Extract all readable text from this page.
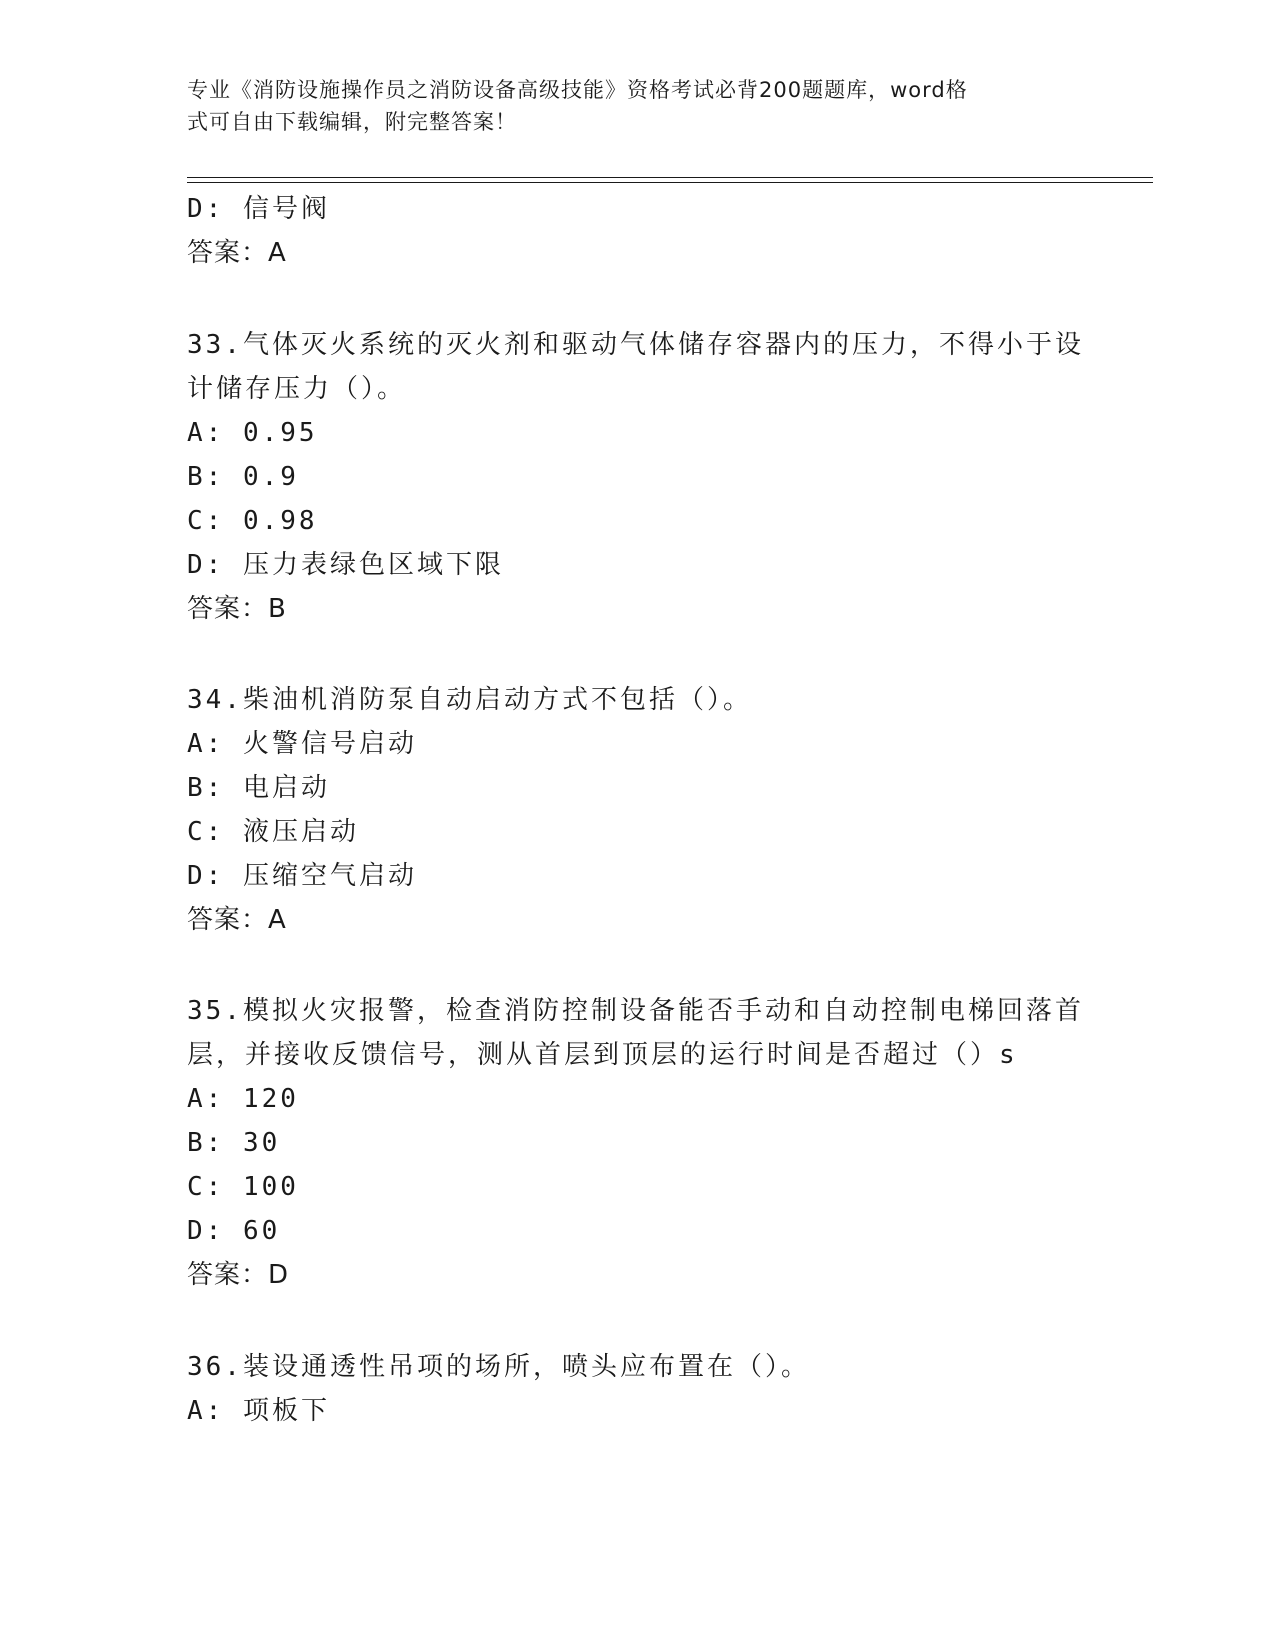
专业《消防设施操作员之消防设备高级技能》资格考试必背200题题库，word格
式可自由下载编辑，附完整答案！
D: 信号阀
答案：A
33.气体灭火系统的灭火剂和驱动气体储存容器内的压力，不得小于设
计储存压力（）。
A: 0.95
B: 0.9
C: 0.98
D: 压力表绿色区域下限
答案：B
34.柴油机消防泵自动启动方式不包括（）。
A: 火警信号启动
B: 电启动
C: 液压启动
D: 压缩空气启动
答案：A
35.模拟火灾报警，检查消防控制设备能否手动和自动控制电梯回落首
层，并接收反馈信号，测从首层到顶层的运行时间是否超过（）s
A: 120
B: 30
C: 100
D: 60
答案：D
36.装设通透性吊项的场所，喷头应布置在（）。
A: 项板下
